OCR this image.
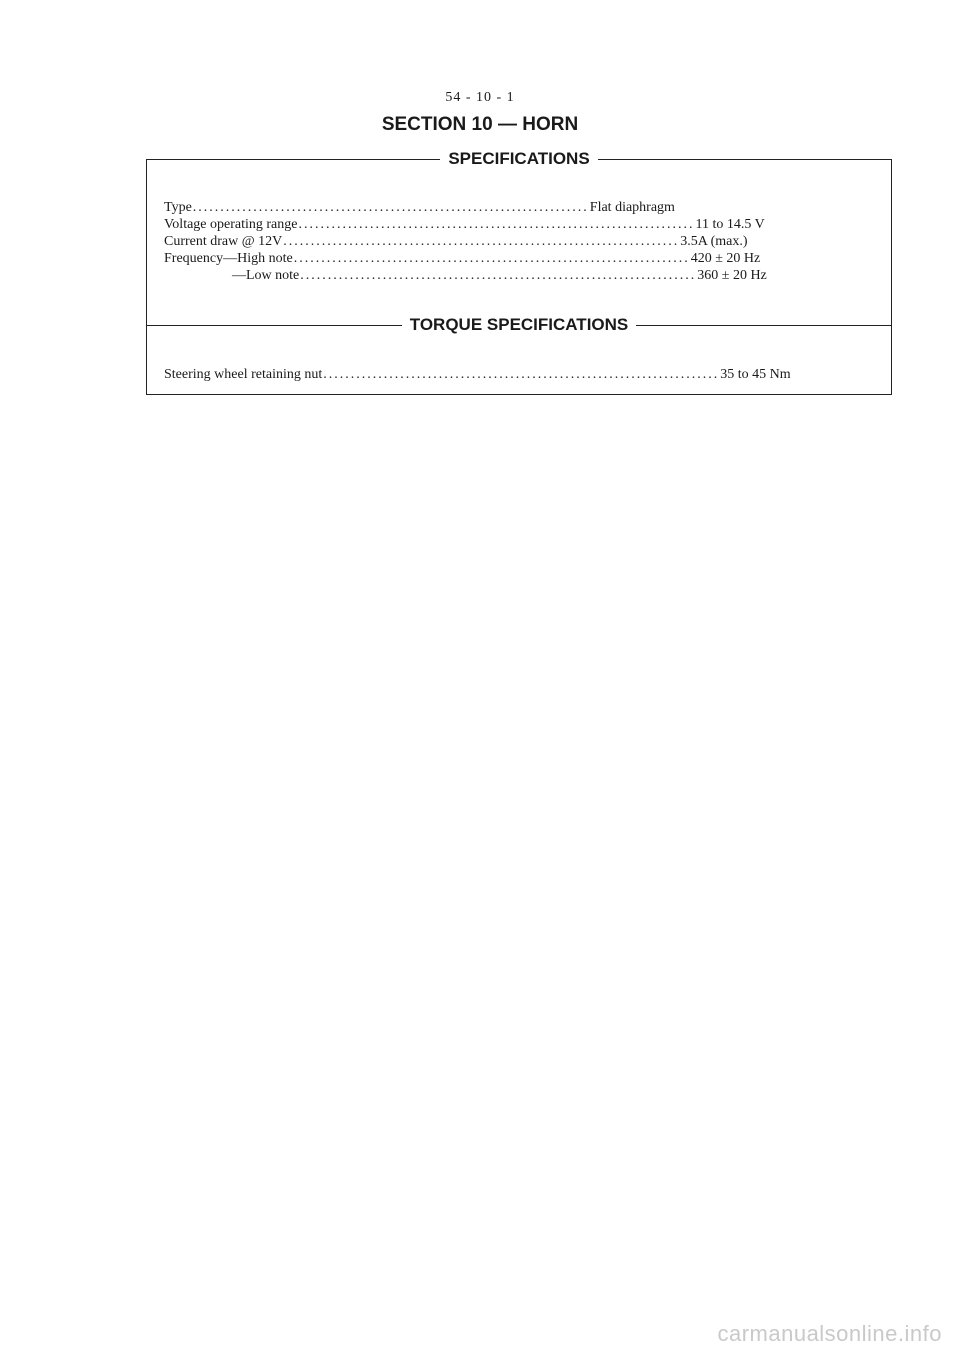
54 - 10 - 1
SECTION 10 — HORN
SPECIFICATIONS
Type ........................................................................ Flat diaphragm
Voltage operating range ........................................................................ 11 to 14.5 V
Current draw @ 12V ........................................................................ 3.5A (max.)
Frequency—High note ........................................................................ 420 ± 20 Hz
—Low note ........................................................................ 360 ± 20 Hz
TORQUE SPECIFICATIONS
Steering wheel retaining nut ........................................................................ 35 to 45 Nm
carmanualsonline.info
